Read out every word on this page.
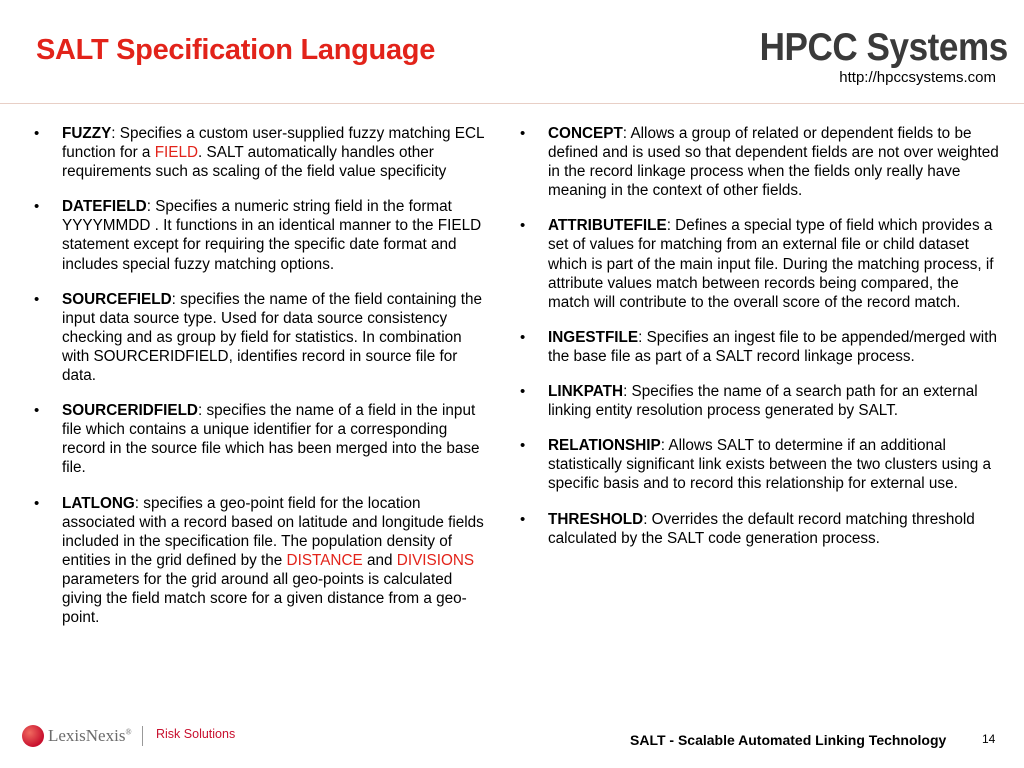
SALT Specification Language	HPCC Systems
http://hpccsystems.com
• FUZZY: Specifies a custom user-supplied fuzzy matching ECL function for a FIELD. SALT automatically handles other requirements such as scaling of the field value specificity
• DATEFIELD: Specifies a numeric string field in the format YYYYMMDD . It functions in an identical manner to the FIELD statement except for requiring the specific date format and includes special fuzzy matching options.
• SOURCEFIELD: specifies the name of the field containing the input data source type. Used for data source consistency checking and as group by field for statistics. In combination with SOURCERIDFIELD, identifies record in source file for data.
• SOURCERIDFIELD: specifies the name of a field in the input file which contains a unique identifier for a corresponding record in the source file which has been merged into the base file.
• LATLONG: specifies a geo-point field for the location associated with a record based on latitude and longitude fields included in the specification file. The population density of entities in the grid defined by the DISTANCE and DIVISIONS parameters for the grid around all geo-points is calculated giving the field match score for a given distance from a geo-point.
• CONCEPT: Allows a group of related or dependent fields to be defined and is used so that dependent fields are not over weighted in the record linkage process when the fields only really have meaning in the context of other fields.
• ATTRIBUTEFILE: Defines a special type of field which provides a set of values for matching from an external file or child dataset which is part of the main input file. During the matching process, if attribute values match between records being compared, the match will contribute to the overall score of the record match.
• INGESTFILE: Specifies an ingest file to be appended/merged with the base file as part of a SALT record linkage process.
• LINKPATH: Specifies the name of a search path for an external linking entity resolution process generated by SALT.
• RELATIONSHIP: Allows SALT to determine if an additional statistically significant link exists between the two clusters using a specific basis and to record this relationship for external use.
• THRESHOLD: Overrides the default record matching threshold calculated by the SALT code generation process.
LexisNexis® Risk Solutions	SALT - Scalable Automated Linking Technology	14
